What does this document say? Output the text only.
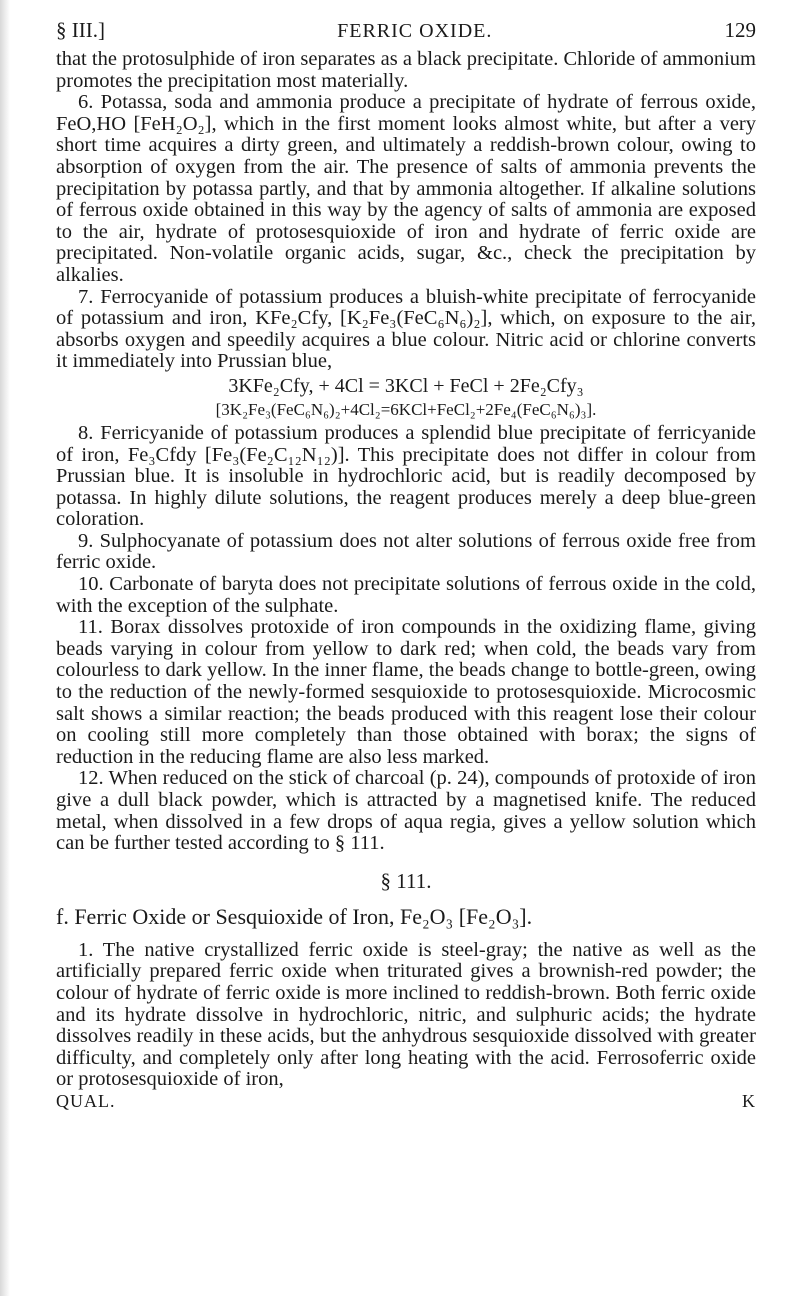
§ III.]	FERRIC OXIDE.	129

that the protosulphide of iron separates as a black precipitate. Chloride of ammonium promotes the precipitation most materially.

6. Potassa, soda and ammonia produce a precipitate of hydrate of ferrous oxide, FeO,HO [FeH₂O₂], which in the first moment looks almost white, but after a very short time acquires a dirty green, and ultimately a reddish-brown colour, owing to absorption of oxygen from the air. The presence of salts of ammonia prevents the precipitation by potassa partly, and that by ammonia altogether. If alkaline solutions of ferrous oxide obtained in this way by the agency of salts of ammonia are exposed to the air, hydrate of protosesquioxide of iron and hydrate of ferric oxide are precipitated. Non-volatile organic acids, sugar, &c., check the precipitation by alkalies.

7. Ferrocyanide of potassium produces a bluish-white precipitate of ferrocyanide of potassium and iron, KFe₂Cfy, [K₂Fe₃(FeC₆N₆)₂], which, on exposure to the air, absorbs oxygen and speedily acquires a blue colour. Nitric acid or chlorine converts it immediately into Prussian blue,

3KFe₂Cfy, + 4Cl = 3KCl + FeCl + 2Fe₂Cfy₃
[3K₂Fe₃(FeC₆N₆)₂+4Cl₂=6KCl+FeCl₂+2Fe₄(FeC₆N₆)₃].

8. Ferricyanide of potassium produces a splendid blue precipitate of ferricyanide of iron, Fe₃Cfdy [Fe₃(Fe₂C₁₂N₁₂)]. This precipitate does not differ in colour from Prussian blue. It is insoluble in hydrochloric acid, but is readily decomposed by potassa. In highly dilute solutions, the reagent produces merely a deep blue-green coloration.

9. Sulphocyanate of potassium does not alter solutions of ferrous oxide free from ferric oxide.

10. Carbonate of baryta does not precipitate solutions of ferrous oxide in the cold, with the exception of the sulphate.

11. Borax dissolves protoxide of iron compounds in the oxidizing flame, giving beads varying in colour from yellow to dark red; when cold, the beads vary from colourless to dark yellow. In the inner flame, the beads change to bottle-green, owing to the reduction of the newly-formed sesquioxide to protosesquioxide. Microcosmic salt shows a similar reaction; the beads produced with this reagent lose their colour on cooling still more completely than those obtained with borax; the signs of reduction in the reducing flame are also less marked.

12. When reduced on the stick of charcoal (p. 24), compounds of protoxide of iron give a dull black powder, which is attracted by a magnetised knife. The reduced metal, when dissolved in a few drops of aqua regia, gives a yellow solution which can be further tested according to § 111.

§ 111.
f. Ferric Oxide or Sesquioxide of Iron, Fe₂O₃ [Fe₂O₃].

1. The native crystallized ferric oxide is steel-gray; the native as well as the artificially prepared ferric oxide when triturated gives a brownish-red powder; the colour of hydrate of ferric oxide is more inclined to reddish-brown. Both ferric oxide and its hydrate dissolve in hydrochloric, nitric, and sulphuric acids; the hydrate dissolves readily in these acids, but the anhydrous sesquioxide dissolved with greater difficulty, and completely only after long heating with the acid. Ferrosoferric oxide or protosesquioxide of iron,

QUAL.	K
